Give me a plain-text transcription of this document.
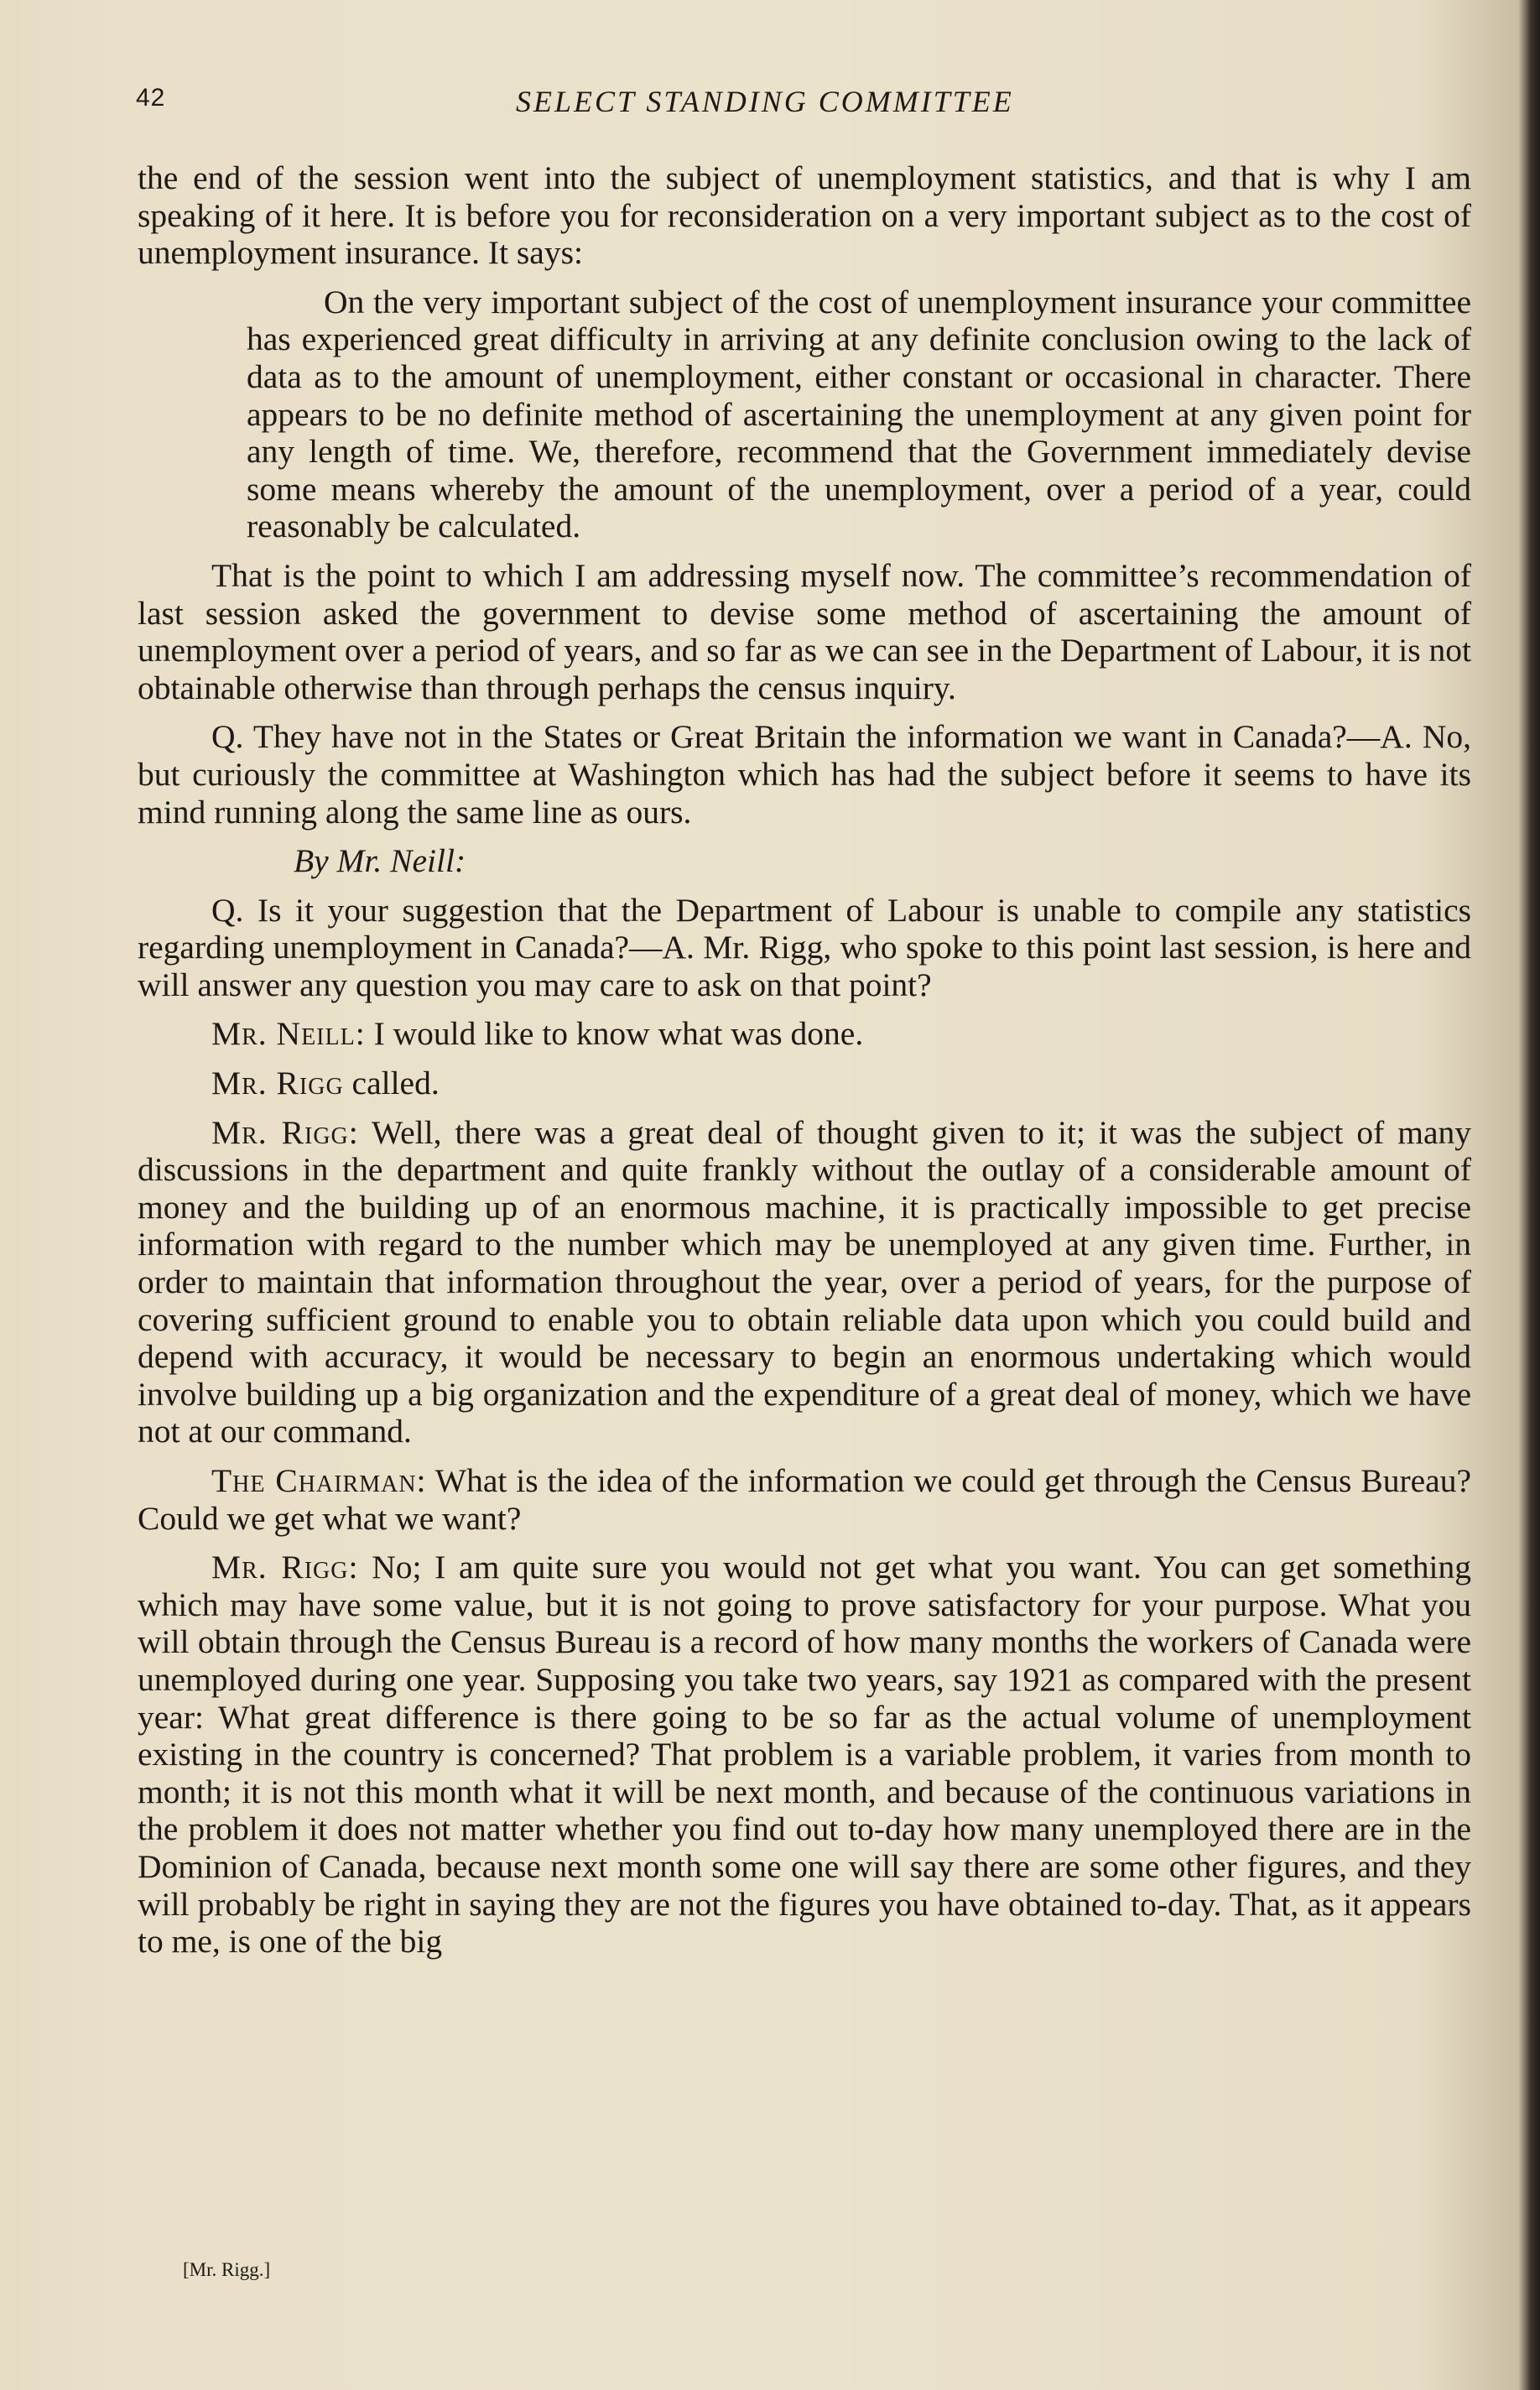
42	SELECT STANDING COMMITTEE

the end of the session went into the subject of unemployment statistics, and that is why I am speaking of it here. It is before you for reconsideration on a very important subject as to the cost of unemployment insurance. It says:

On the very important subject of the cost of unemployment insurance your committee has experienced great difficulty in arriving at any definite conclusion owing to the lack of data as to the amount of unemployment, either constant or occasional in character. There appears to be no definite method of ascertaining the unemployment at any given point for any length of time. We, therefore, recommend that the Government immediately devise some means whereby the amount of the unemployment, over a period of a year, could reasonably be calculated.

That is the point to which I am addressing myself now. The committee’s recommendation of last session asked the government to devise some method of ascertaining the amount of unemployment over a period of years, and so far as we can see in the Department of Labour, it is not obtainable otherwise than through perhaps the census inquiry.

Q. They have not in the States or Great Britain the information we want in Canada?—A. No, but curiously the committee at Washington which has had the subject before it seems to have its mind running along the same line as ours.

By Mr. Neill:

Q. Is it your suggestion that the Department of Labour is unable to compile any statistics regarding unemployment in Canada?—A. Mr. Rigg, who spoke to this point last session, is here and will answer any question you may care to ask on that point?

Mr. Neill: I would like to know what was done.

Mr. Rigg called.

Mr. Rigg: Well, there was a great deal of thought given to it; it was the subject of many discussions in the department and quite frankly without the outlay of a considerable amount of money and the building up of an enormous machine, it is practically impossible to get precise information with regard to the number which may be unemployed at any given time. Further, in order to maintain that information throughout the year, over a period of years, for the purpose of covering sufficient ground to enable you to obtain reliable data upon which you could build and depend with accuracy, it would be necessary to begin an enormous undertaking which would involve building up a big organization and the expenditure of a great deal of money, which we have not at our command.

The Chairman: What is the idea of the information we could get through the Census Bureau? Could we get what we want?

Mr. Rigg: No; I am quite sure you would not get what you want. You can get something which may have some value, but it is not going to prove satisfactory for your purpose. What you will obtain through the Census Bureau is a record of how many months the workers of Canada were unemployed during one year. Supposing you take two years, say 1921 as compared with the present year: What great difference is there going to be so far as the actual volume of unemployment existing in the country is concerned? That problem is a variable problem, it varies from month to month; it is not this month what it will be next month, and because of the continuous variations in the problem it does not matter whether you find out to-day how many unemployed there are in the Dominion of Canada, because next month some one will say there are some other figures, and they will probably be right in saying they are not the figures you have obtained to-day. That, as it appears to me, is one of the big

[Mr. Rigg.]
